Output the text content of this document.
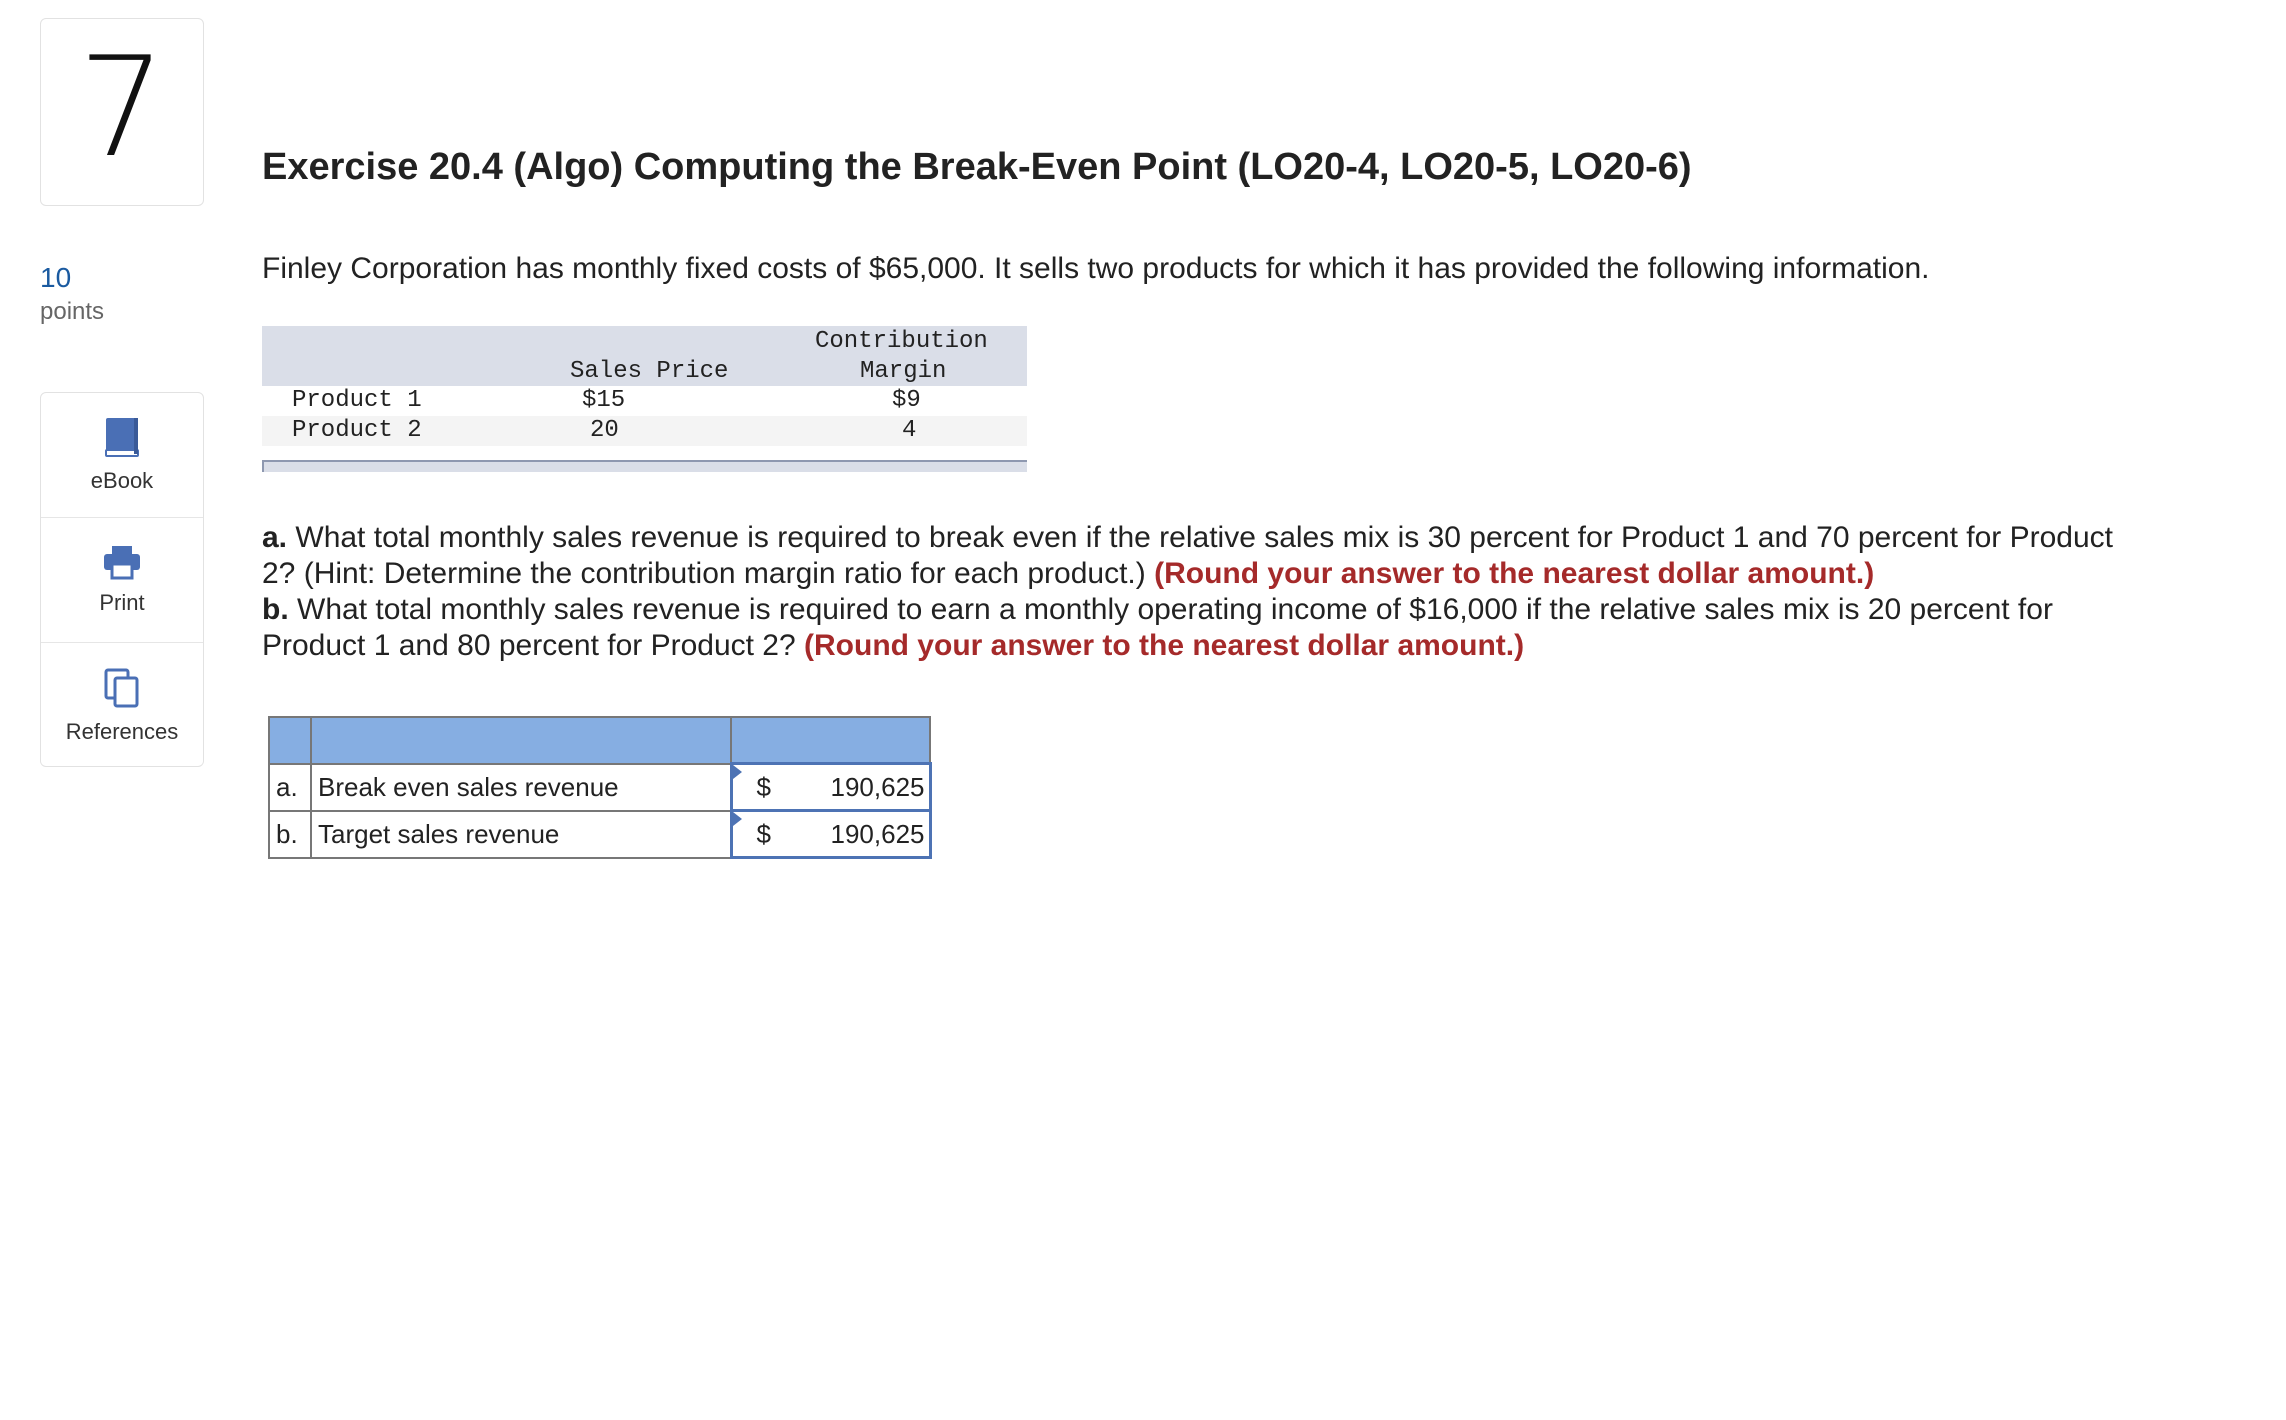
7
10
points
eBook
Print
References
Exercise 20.4 (Algo) Computing the Break-Even Point (LO20-4, LO20-5, LO20-6)

Finley Corporation has monthly fixed costs of $65,000. It sells two products for which it has provided the following information.

Contribution
Sales Price	Margin
Product 1	$15	$9
Product 2	20	4
a. What total monthly sales revenue is required to break even if the relative sales mix is 30 percent for Product 1 and 70 percent for Product 2? (Hint: Determine the contribution margin ratio for each product.) (Round your answer to the nearest dollar amount.)
b. What total monthly sales revenue is required to earn a monthly operating income of $16,000 if the relative sales mix is 20 percent for Product 1 and 80 percent for Product 2? (Round your answer to the nearest dollar amount.)

a.	Break even sales revenue	$ 190,625

b.	Target sales revenue	$ 190,625
